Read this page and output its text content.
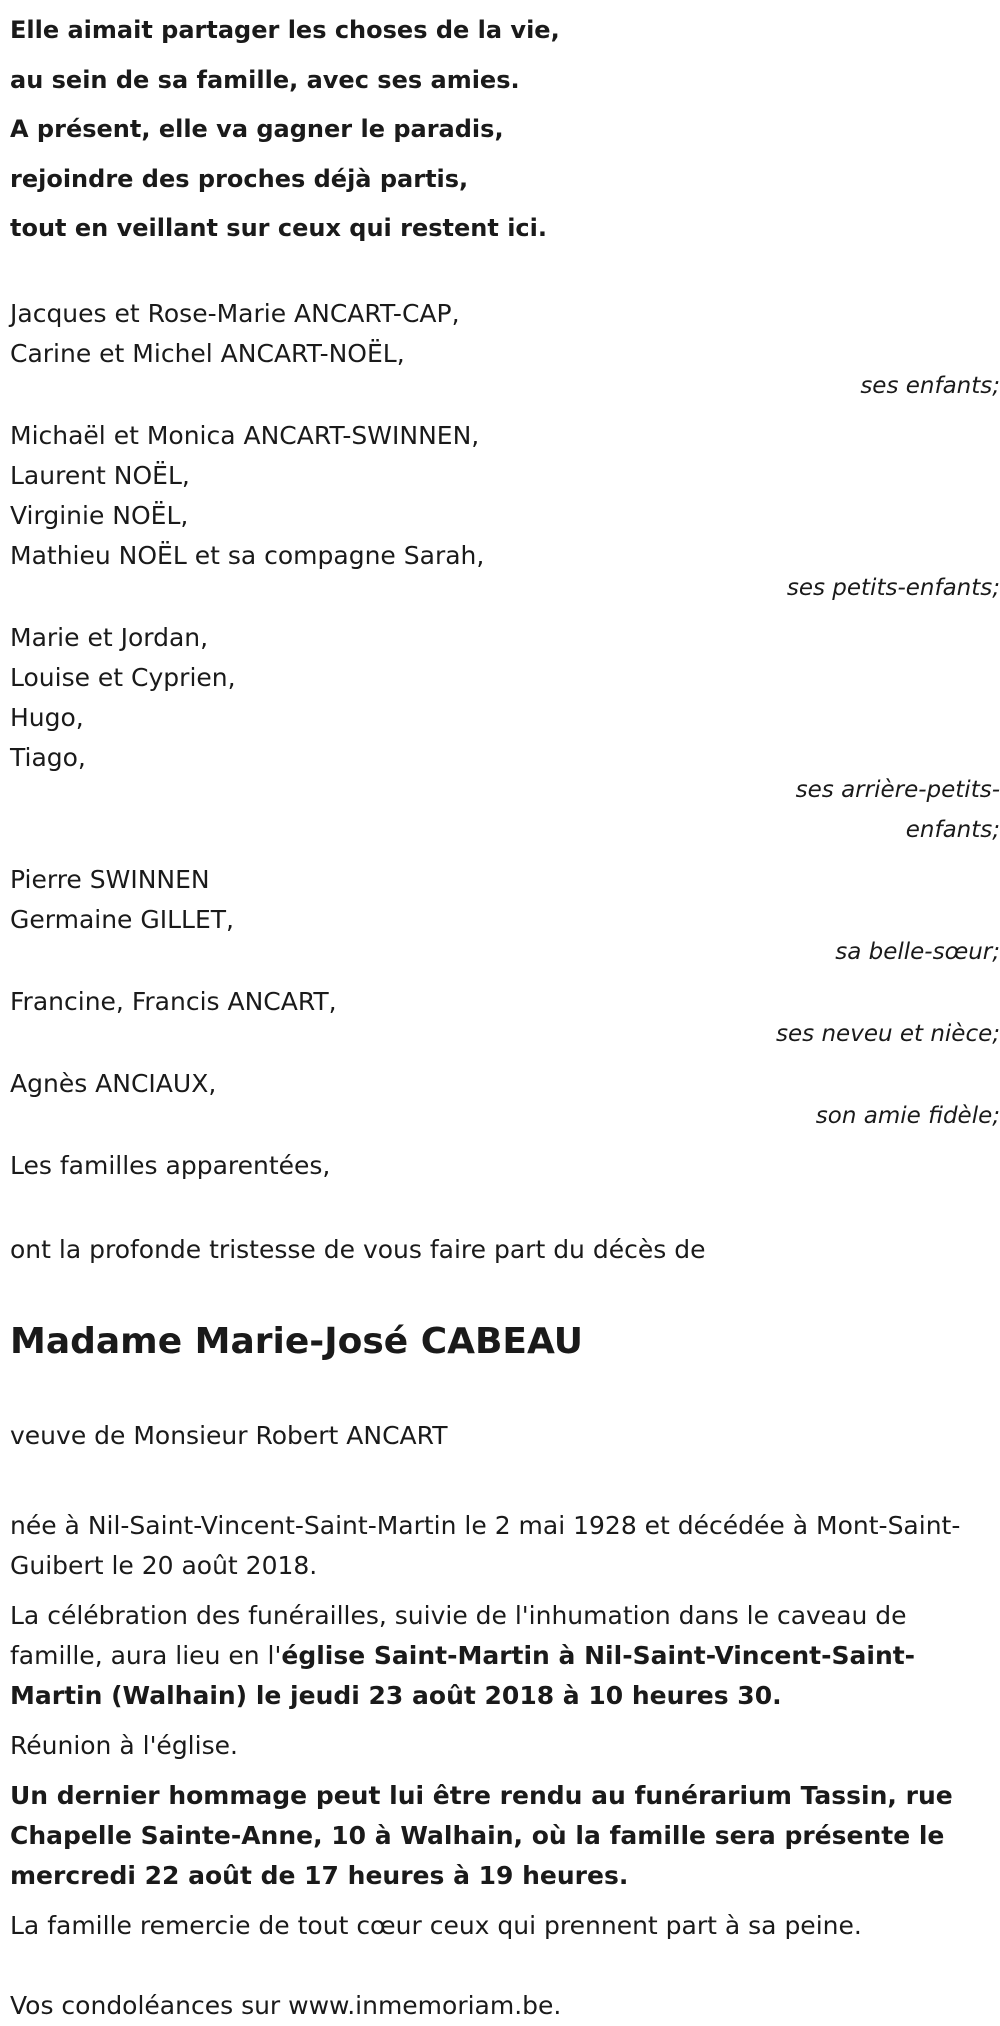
Elle aimait partager les choses de la vie,
au sein de sa famille, avec ses amies.
A présent, elle va gagner le paradis,
rejoindre des proches déjà partis,
tout en veillant sur ceux qui restent ici.
Jacques et Rose-Marie ANCART-CAP,
Carine et Michel ANCART-NOËL,
ses enfants;
Michaël et Monica ANCART-SWINNEN,
Laurent NOËL,
Virginie NOËL,
Mathieu NOËL et sa compagne Sarah,
ses petits-enfants;
Marie et Jordan,
Louise et Cyprien,
Hugo,
Tiago,
ses arrière-petits-enfants;
Pierre SWINNEN
Germaine GILLET,
sa belle-sœur;
Francine, Francis ANCART,
ses neveu et nièce;
Agnès ANCIAUX,
son amie fidèle;
Les familles apparentées,
ont la profonde tristesse de vous faire part du décès de
Madame Marie-José CABEAU
veuve de Monsieur Robert ANCART
née à Nil-Saint-Vincent-Saint-Martin le 2 mai 1928 et décédée à Mont-Saint-Guibert le 20 août 2018.
La célébration des funérailles, suivie de l'inhumation dans le caveau de famille, aura lieu en l'église Saint-Martin à Nil-Saint-Vincent-Saint-Martin (Walhain) le jeudi 23 août 2018 à 10 heures 30.
Réunion à l'église.
Un dernier hommage peut lui être rendu au funérarium Tassin, rue Chapelle Sainte-Anne, 10 à Walhain, où la famille sera présente le mercredi 22 août de 17 heures à 19 heures.
La famille remercie de tout cœur ceux qui prennent part à sa peine.
Vos condoléances sur www.inmemoriam.be.
